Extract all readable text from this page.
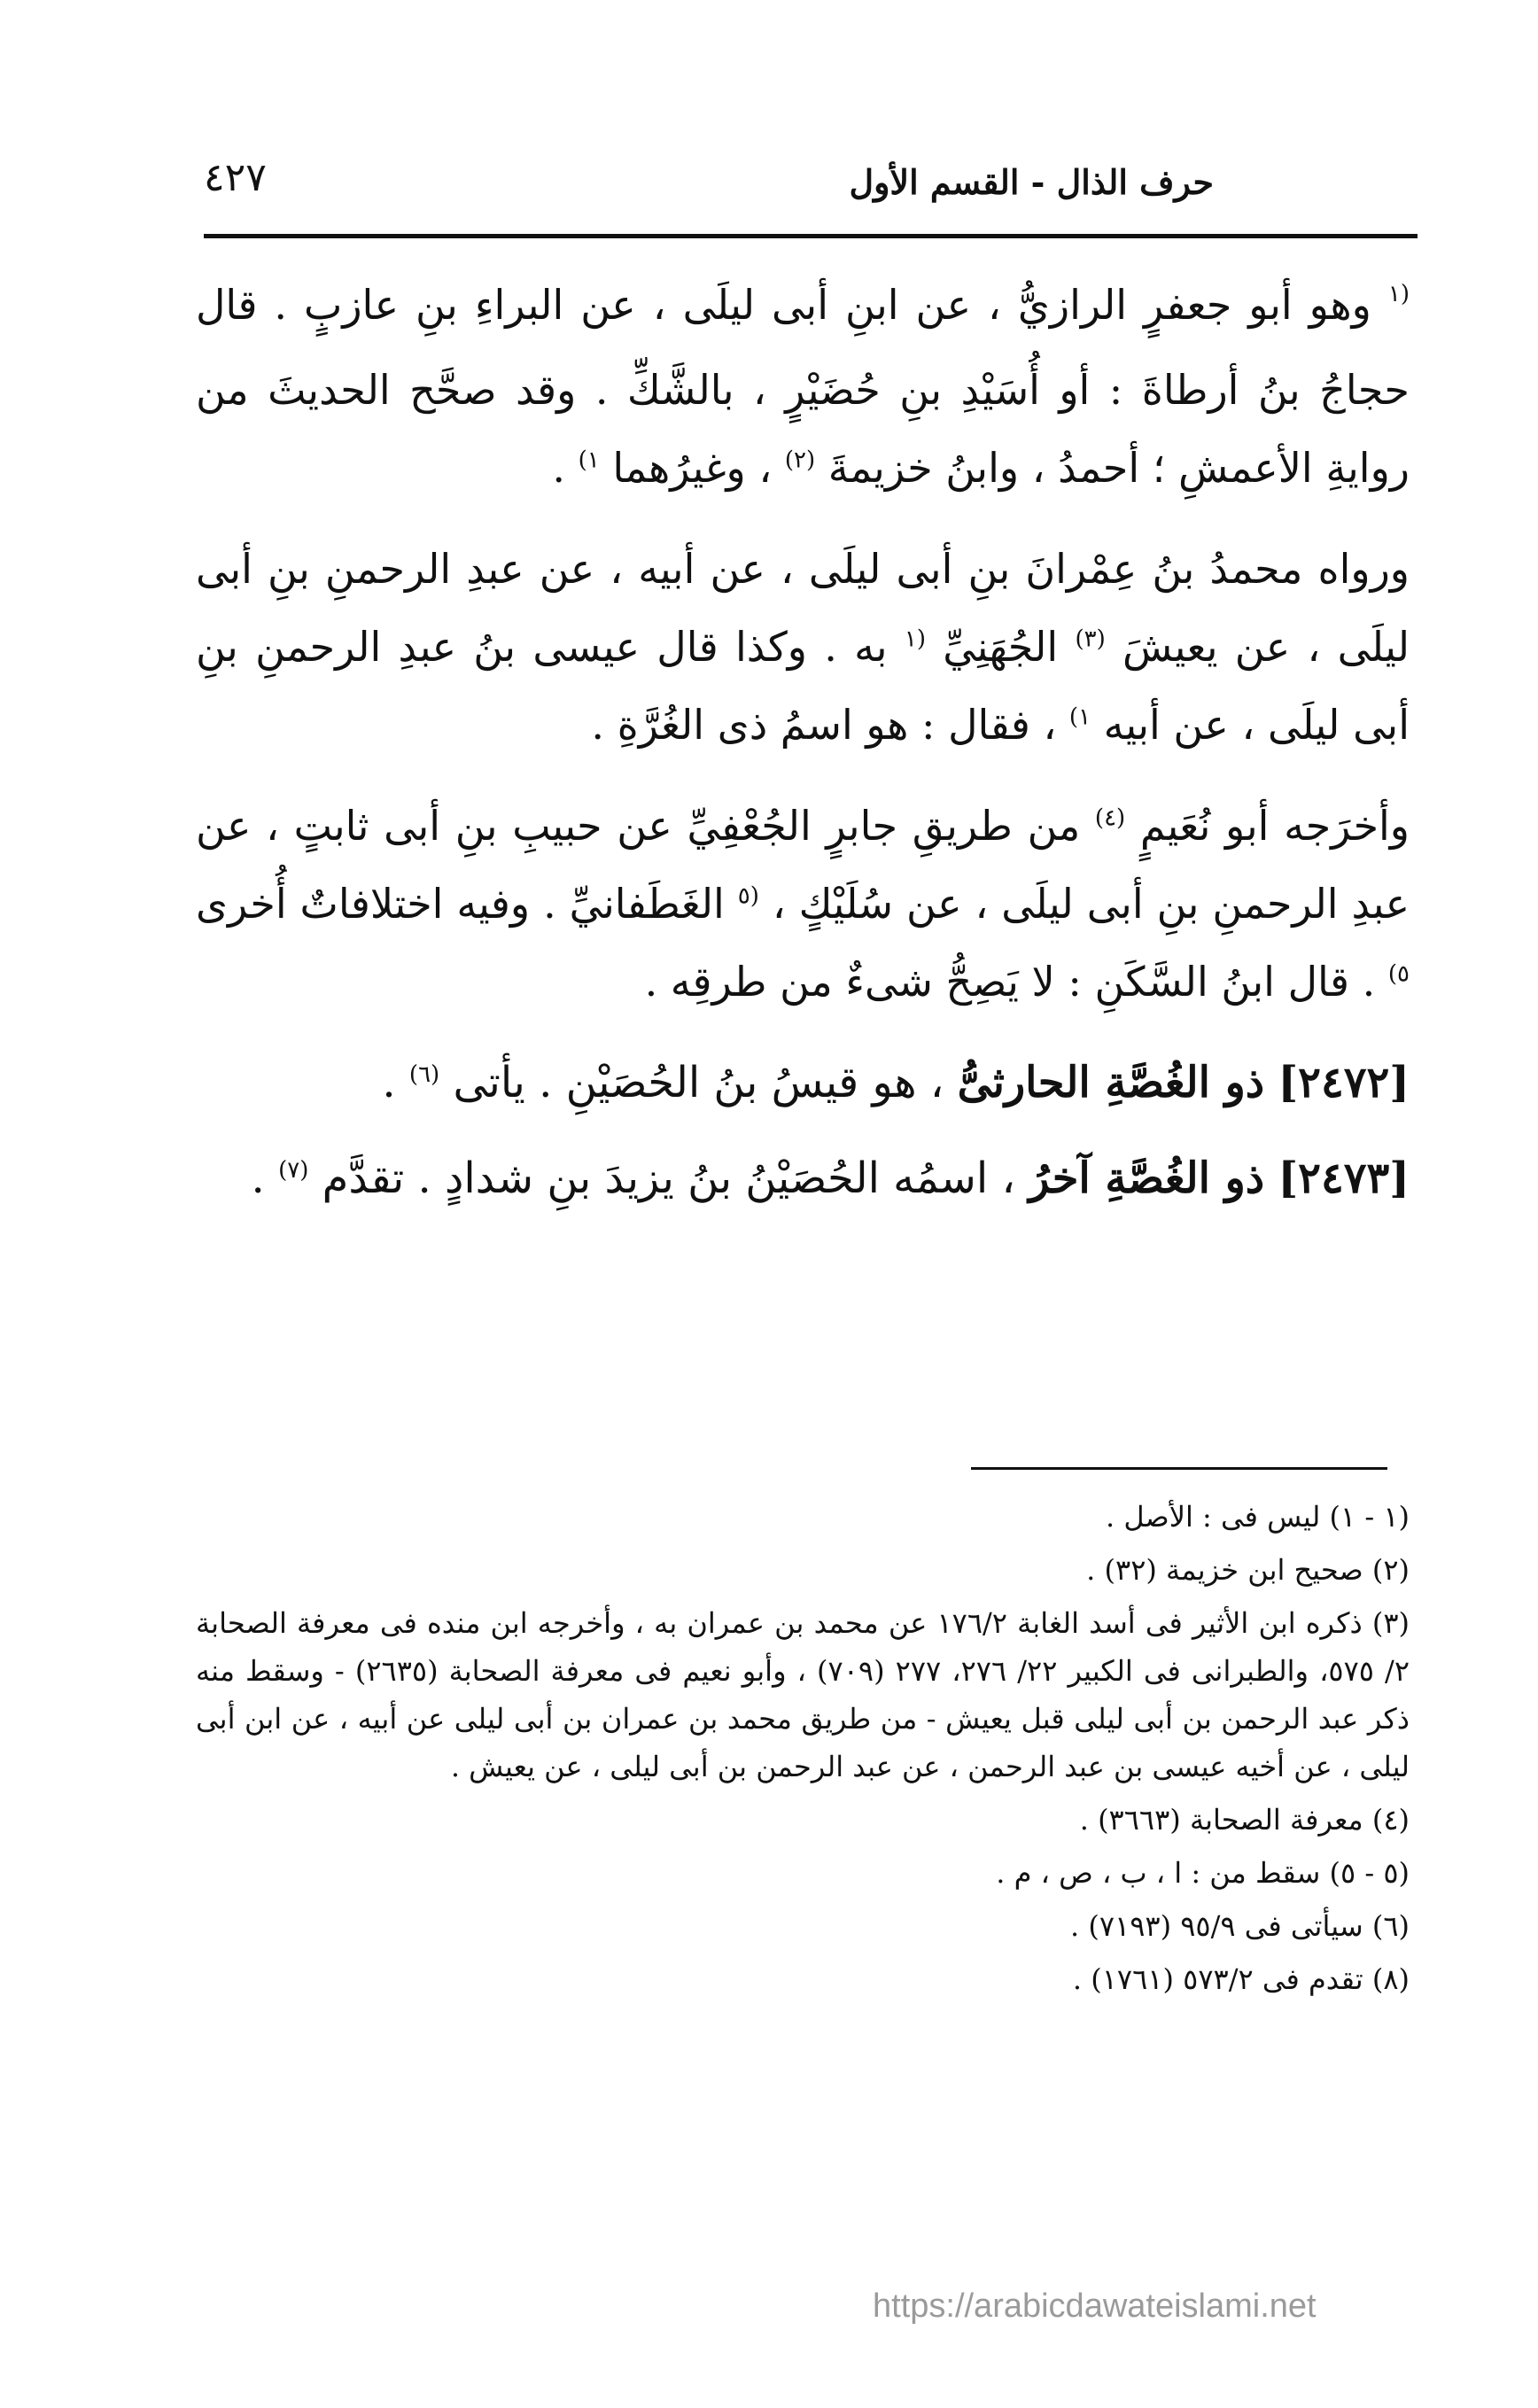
حرف الذال - القسم الأول
٤٢٧

$^{(١}$ وهو أبو جعفرٍ الرازيُّ ، عن ابنِ أبى ليلَى ، عن البراءِ بنِ عازبٍ . قال حجاجُ بنُ أرطاةَ : أو أُسَيْدِ بنِ حُضَيْرٍ ، بالشَّكِّ . وقد صحَّح الحديثَ من روايةِ الأعمشِ ؛ أحمدُ ، وابنُ خزيمةَ $^{(٢)}$ ، وغيرُهما $^{١)}$ .

ورواه محمدُ بنُ عِمْرانَ بنِ أبى ليلَى ، عن أبيه ، عن عبدِ الرحمنِ بنِ أبى ليلَى ، عن يعيشَ $^{(٣)}$ الجُهَنِيِّ $^{(١}$ به . وكذا قال عيسى بنُ عبدِ الرحمنِ بنِ أبى ليلَى ، عن أبيه $^{١)}$ ، فقال : هو اسمُ ذى الغُرَّةِ .

وأخرَجه أبو نُعَيمٍ $^{(٤)}$ من طريقِ جابرٍ الجُعْفِيِّ عن حبيبِ بنِ أبى ثابتٍ ، عن عبدِ الرحمنِ بنِ أبى ليلَى ، عن سُلَيْكٍ ، $^{(٥}$ الغَطَفانيِّ . وفيه اختلافاتٌ أُخرى $^{٥)}$ . قال ابنُ السَّكَنِ : لا يَصِحُّ شىءٌ من طرقِه .

[٢٤٧٢] ذو الغُصَّةِ الحارثىُّ ، هو قيسُ بنُ الحُصَيْنِ . يأتى $^{(٦)}$ .

[٢٤٧٣] ذو الغُصَّةِ آخرُ ، اسمُه الحُصَيْنُ بنُ يزيدَ بنِ شدادٍ . تقدَّم $^{(٧)}$ .

(١ - ١) ليس فى : الأصل .

(٢) صحيح ابن خزيمة (٣٢) .

(٣) ذكره ابن الأثير فى أسد الغابة ١٧٦/٢ عن محمد بن عمران به ، وأخرجه ابن منده فى معرفة الصحابة ٢/ ٥٧٥، والطبرانى فى الكبير ٢٢/ ٢٧٦، ٢٧٧ (٧٠٩) ، وأبو نعيم فى معرفة الصحابة (٢٦٣٥) - وسقط منه ذكر عبد الرحمن بن أبى ليلى قبل يعيش - من طريق محمد بن عمران بن أبى ليلى عن أبيه ، عن ابن أبى ليلى ، عن أخيه عيسى بن عبد الرحمن ، عن عبد الرحمن بن أبى ليلى ، عن يعيش .

(٤) معرفة الصحابة (٣٦٦٣) .

(٥ - ٥) سقط من : ا ، ب ، ص ، م .

(٦) سيأتى فى ٩٥/٩ (٧١٩٣) .

(٨) تقدم فى ٥٧٣/٢ (١٧٦١) .

https://arabicdawateislami.net
